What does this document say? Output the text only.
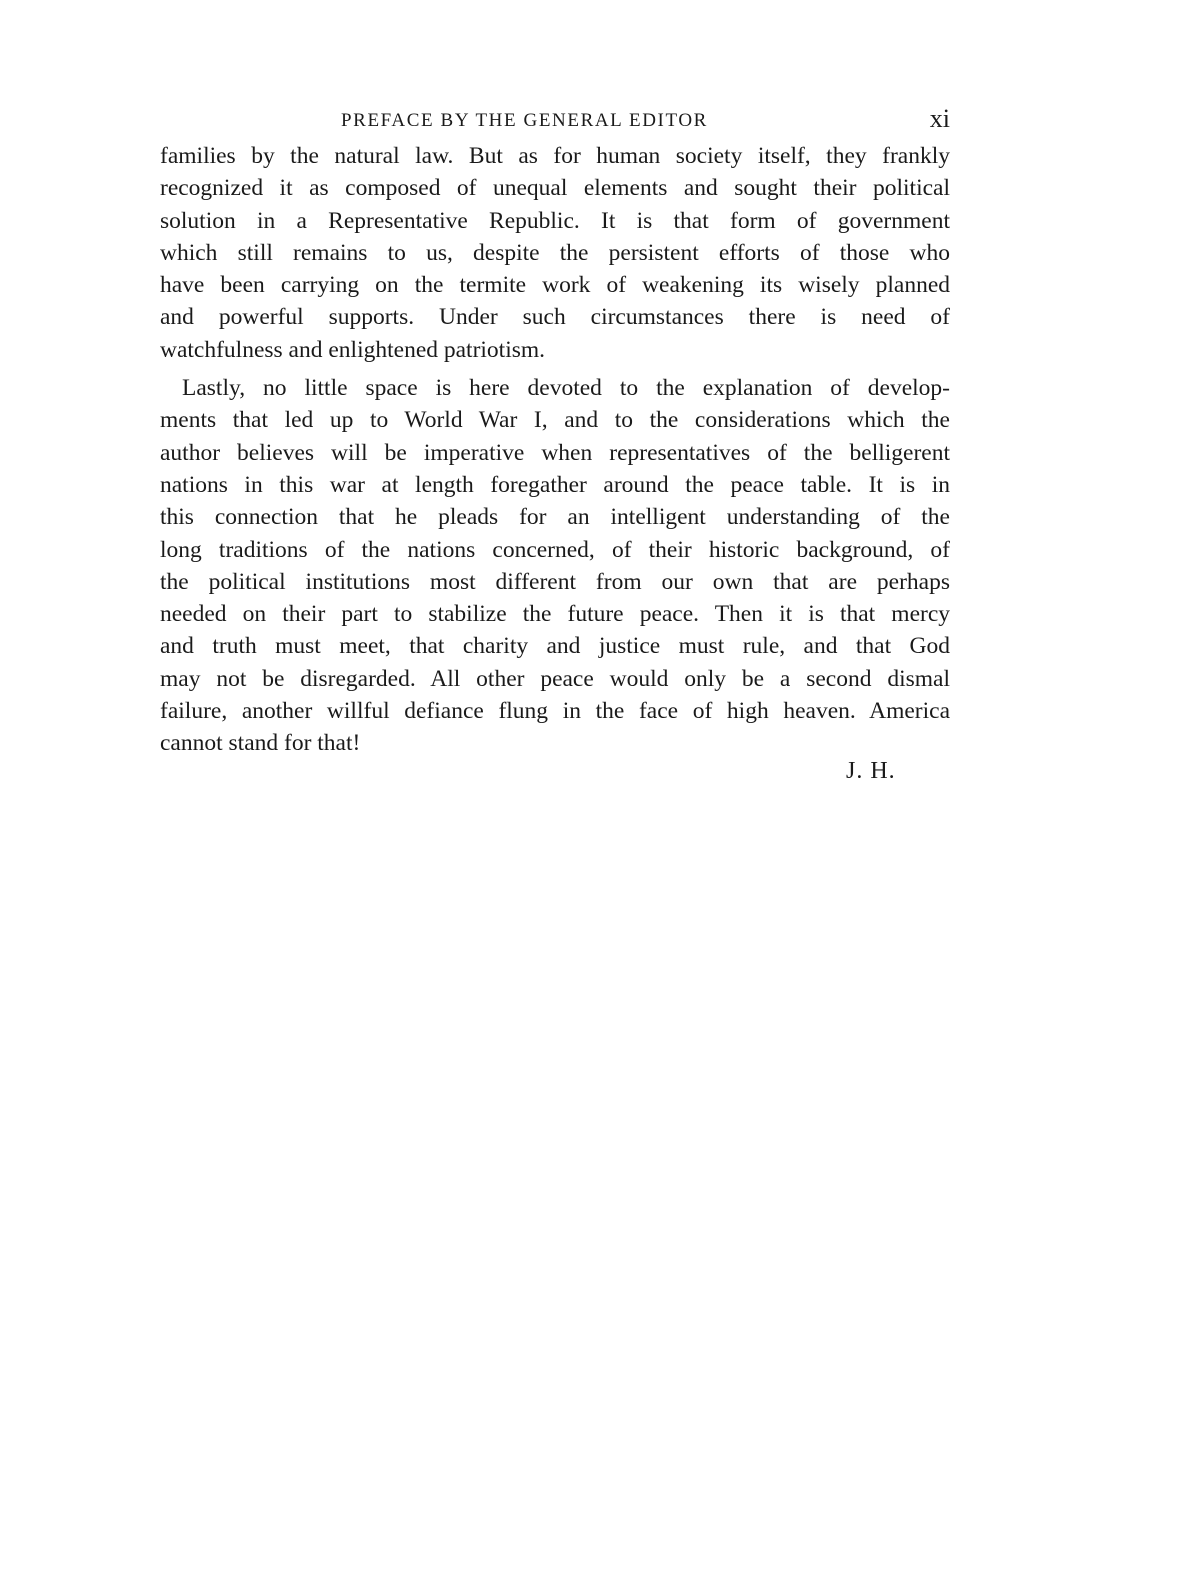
PREFACE BY THE GENERAL EDITOR	xi
families by the natural law. But as for human society itself, they frankly
recognized it as composed of unequal elements and sought their political
solution in a Representative Republic. It is that form of government
which still remains to us, despite the persistent efforts of those who
have been carrying on the termite work of weakening its wisely planned
and powerful supports. Under such circumstances there is need of
watchfulness and enlightened patriotism.
Lastly, no little space is here devoted to the explanation of develop-
ments that led up to World War I, and to the considerations which the
author believes will be imperative when representatives of the belligerent
nations in this war at length foregather around the peace table. It is in
this connection that he pleads for an intelligent understanding of the
long traditions of the nations concerned, of their historic background, of
the political institutions most different from our own that are perhaps
needed on their part to stabilize the future peace. Then it is that mercy
and truth must meet, that charity and justice must rule, and that God
may not be disregarded. All other peace would only be a second dismal
failure, another willful defiance flung in the face of high heaven. America
cannot stand for that!
J. H.
